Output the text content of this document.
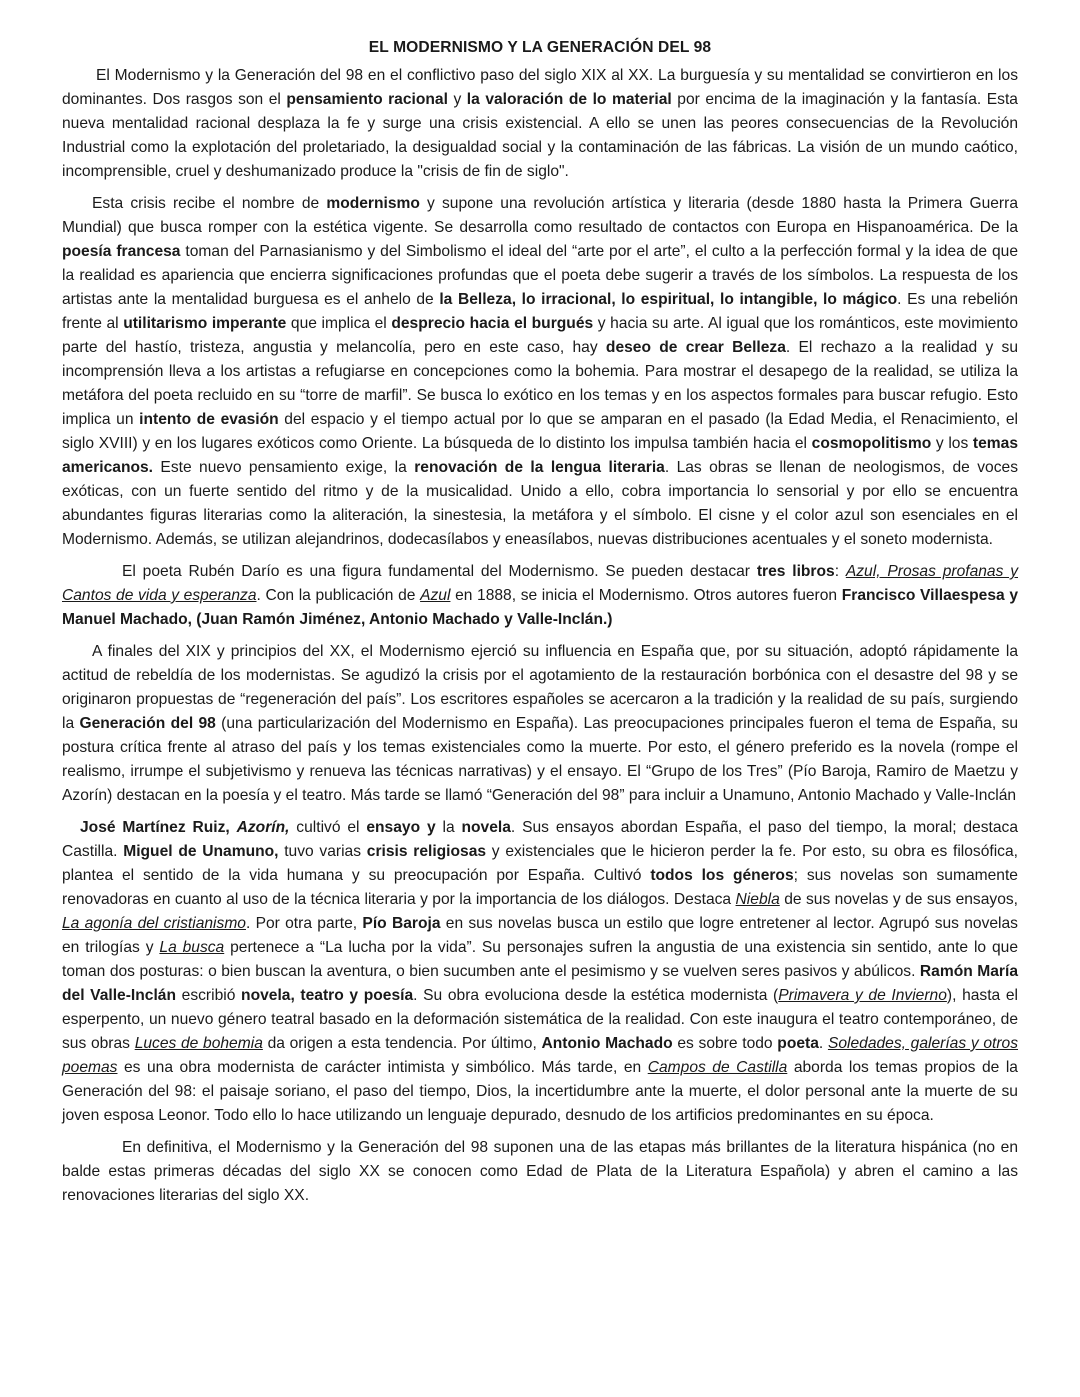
EL MODERNISMO Y LA GENERACIÓN DEL 98

El Modernismo y la Generación del 98 en el conflictivo paso del siglo XIX al XX. La burguesía y su mentalidad se convirtieron en los dominantes. Dos rasgos son el pensamiento racional y la valoración de lo material por encima de la imaginación y la fantasía. Esta nueva mentalidad racional desplaza la fe y surge una crisis existencial. A ello se unen las peores consecuencias de la Revolución Industrial como la explotación del proletariado, la desigualdad social y la contaminación de las fábricas. La visión de un mundo caótico, incomprensible, cruel y deshumanizado produce la "crisis de fin de siglo".

Esta crisis recibe el nombre de modernismo y supone una revolución artística y literaria (desde 1880 hasta la Primera Guerra Mundial) que busca romper con la estética vigente. Se desarrolla como resultado de contactos con Europa en Hispanoamérica. De la poesía francesa toman del Parnasianismo y del Simbolismo el ideal del “arte por el arte”, el culto a la perfección formal y la idea de que la realidad es apariencia que encierra significaciones profundas que el poeta debe sugerir a través de los símbolos. La respuesta de los artistas ante la mentalidad burguesa es el anhelo de la Belleza, lo irracional, lo espiritual, lo intangible, lo mágico. Es una rebelión frente al utilitarismo imperante que implica el desprecio hacia el burgués y hacia su arte. Al igual que los románticos, este movimiento parte del hastío, tristeza, angustia y melancolía, pero en este caso, hay deseo de crear Belleza. El rechazo a la realidad y su incomprensión lleva a los artistas a refugiarse en concepciones como la bohemia. Para mostrar el desapego de la realidad, se utiliza la metáfora del poeta recluido en su “torre de marfil”. Se busca lo exótico en los temas y en los aspectos formales para buscar refugio. Esto implica un intento de evasión del espacio y el tiempo actual por lo que se amparan en el pasado (la Edad Media, el Renacimiento, el siglo XVIII) y en los lugares exóticos como Oriente. La búsqueda de lo distinto los impulsa también hacia el cosmopolitismo y los temas americanos. Este nuevo pensamiento exige, la renovación de la lengua literaria. Las obras se llenan de neologismos, de voces exóticas, con un fuerte sentido del ritmo y de la musicalidad. Unido a ello, cobra importancia lo sensorial y por ello se encuentra abundantes figuras literarias como la aliteración, la sinestesia, la metáfora y el símbolo. El cisne y el color azul son esenciales en el Modernismo. Además, se utilizan alejandrinos, dodecasílabos y eneasílabos, nuevas distribuciones acentuales y el soneto modernista.

El poeta Rubén Darío es una figura fundamental del Modernismo. Se pueden destacar tres libros: Azul, Prosas profanas y Cantos de vida y esperanza. Con la publicación de Azul en 1888, se inicia el Modernismo. Otros autores fueron Francisco Villaespesa y Manuel Machado, (Juan Ramón Jiménez, Antonio Machado y Valle-Inclán.)

A finales del XIX y principios del XX, el Modernismo ejerció su influencia en España que, por su situación, adoptó rápidamente la actitud de rebeldía de los modernistas. Se agudizó la crisis por el agotamiento de la restauración borbónica con el desastre del 98 y se originaron propuestas de “regeneración del país”. Los escritores españoles se acercaron a la tradición y la realidad de su país, surgiendo la Generación del 98 (una particularización del Modernismo en España). Las preocupaciones principales fueron el tema de España, su postura crítica frente al atraso del país y los temas existenciales como la muerte. Por esto, el género preferido es la novela (rompe el realismo, irrumpe el subjetivismo y renueva las técnicas narrativas) y el ensayo. El “Grupo de los Tres” (Pío Baroja, Ramiro de Maetzu y Azorín) destacan en la poesía y el teatro. Más tarde se llamó “Generación del 98” para incluir a Unamuno, Antonio Machado y Valle-Inclán

José Martínez Ruiz, Azorín, cultivó el ensayo y la novela. Sus ensayos abordan España, el paso del tiempo, la moral; destaca Castilla. Miguel de Unamuno, tuvo varias crisis religiosas y existenciales que le hicieron perder la fe. Por esto, su obra es filosófica, plantea el sentido de la vida humana y su preocupación por España. Cultivó todos los géneros; sus novelas son sumamente renovadoras en cuanto al uso de la técnica literaria y por la importancia de los diálogos. Destaca Niebla de sus novelas y de sus ensayos, La agonía del cristianismo. Por otra parte, Pío Baroja en sus novelas busca un estilo que logre entretener al lector. Agrupó sus novelas en trilogías y La busca pertenece a “La lucha por la vida”. Su personajes sufren la angustia de una existencia sin sentido, ante lo que toman dos posturas: o bien buscan la aventura, o bien sucumben ante el pesimismo y se vuelven seres pasivos y abúlicos. Ramón María del Valle-Inclán escribió novela, teatro y poesía. Su obra evoluciona desde la estética modernista (Primavera y de Invierno), hasta el esperpento, un nuevo género teatral basado en la deformación sistemática de la realidad. Con este inaugura el teatro contemporáneo, de sus obras Luces de bohemia da origen a esta tendencia. Por último, Antonio Machado es sobre todo poeta. Soledades, galerías y otros poemas es una obra modernista de carácter intimista y simbólico. Más tarde, en Campos de Castilla aborda los temas propios de la Generación del 98: el paisaje soriano, el paso del tiempo, Dios, la incertidumbre ante la muerte, el dolor personal ante la muerte de su joven esposa Leonor. Todo ello lo hace utilizando un lenguaje depurado, desnudo de los artificios predominantes en su época.

En definitiva, el Modernismo y la Generación del 98 suponen una de las etapas más brillantes de la literatura hispánica (no en balde estas primeras décadas del siglo XX se conocen como Edad de Plata de la Literatura Española) y abren el camino a las renovaciones literarias del siglo XX.
